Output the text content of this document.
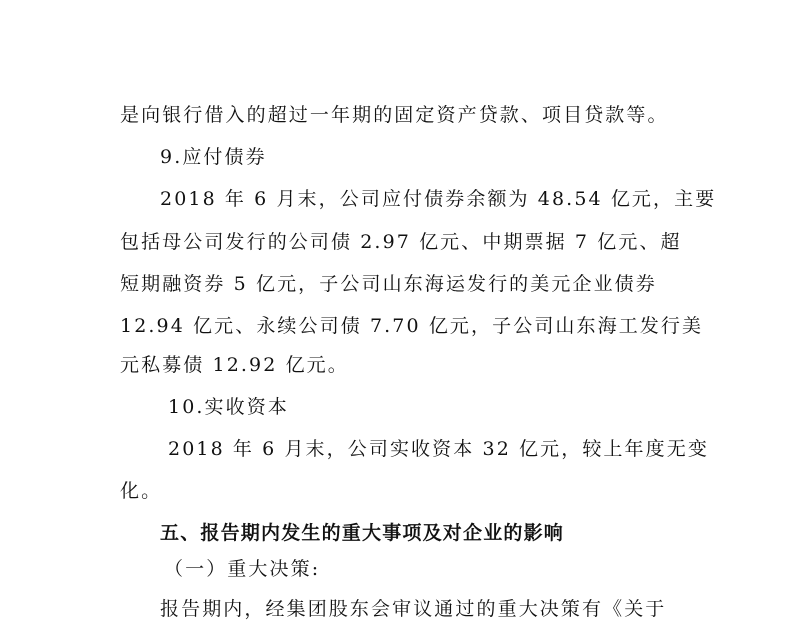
是向银行借入的超过一年期的固定资产贷款、项目贷款等。
9.应付债券
2018 年 6 月末，公司应付债券余额为 48.54 亿元，主要
包括母公司发行的公司债 2.97 亿元、中期票据 7 亿元、超
短期融资券 5 亿元，子公司山东海运发行的美元企业债券
12.94 亿元、永续公司债 7.70 亿元，子公司山东海工发行美
元私募债 12.92 亿元。
10.实收资本
2018 年 6 月末，公司实收资本 32 亿元，较上年度无变
化。
五、报告期内发生的重大事项及对企业的影响
（一）重大决策:
报告期内，经集团股东会审议通过的重大决策有《关于
